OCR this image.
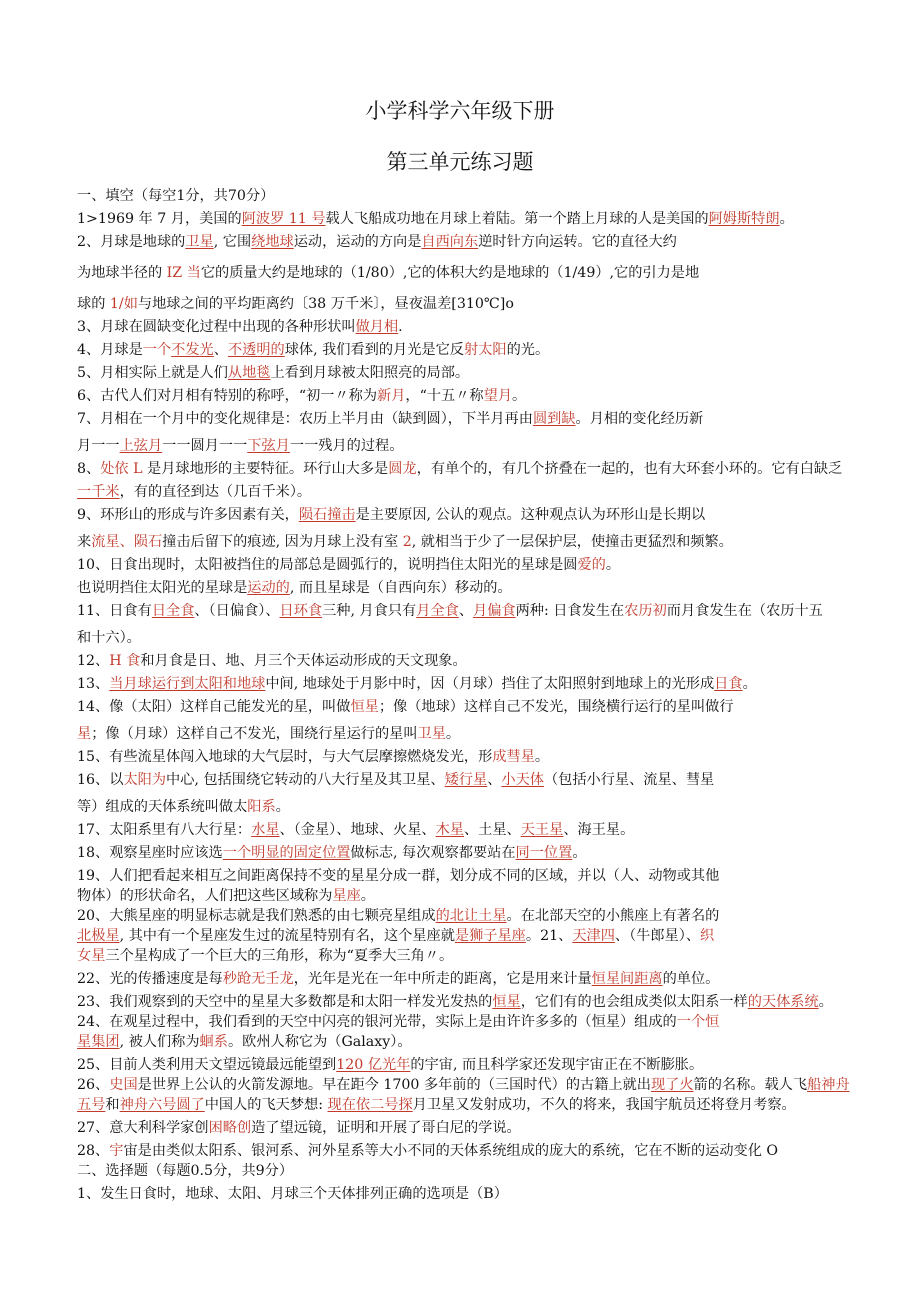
小学科学六年级下册
第三单元练习题

一、填空（每空1分，共70分）

1>1969 年 7 月，美国的阿波罗 11 号载人飞船成功地在月球上着陆。第一个踏上月球的人是美国的阿姆斯特朗。

2、月球是地球的卫星, 它围绕地球运动，运动的方向是自西向东逆时针方向运转。它的直径大约

为地球半径的 IZ 当它的质量大约是地球的（1/80）,它的体积大约是地球的（1/49）,它的引力是地

球的 1/如与地球之间的平均距离约〔38 万千米〕，昼夜温差[310℃]o

3、月球在圆缺变化过程中出现的各种形状叫做月相.

4、月球是一个不发光、不透明的球体, 我们看到的月光是它反射太阳的光。

5、月相实际上就是人们从地毯上看到月球被太阳照亮的局部。

6、古代人们对月相有特别的称呼，“初一〃称为新月，“十五〃称望月。

7、月相在一个月中的变化规律是：农历上半月由（缺到圆），下半月再由圆到缺。月相的变化经历新

月一一上弦月一一圆月一一下弦月一一残月的过程。

8、处依 L 是月球地形的主要特征。环行山大多是圆龙，有单个的，有几个挤叠在一起的，也有大环套小环的。它有白缺乏

一千米，有的直径到达（几百千米）。

9、环形山的形成与许多因素有关，陨石撞击是主要原因, 公认的观点。这种观点认为环形山是长期以

来流星、陨石撞击后留下的痕迹, 因为月球上没有室 2, 就相当于少了一层保护层，使撞击更猛烈和频繁。

10、日食出现时，太阳被挡住的局部总是圆弧行的，说明挡住太阳光的星球是圆爱的。

也说明挡住太阳光的星球是运动的, 而且星球是（自西向东）移动的。

11、日食有日全食、（日偏食）、日环食三种, 月食只有月全食、月偏食两种: 日食发生在农历初而月食发生在（农历十五

和十六）。

12、H 食和月食是日、地、月三个天体运动形成的天文现象。

13、当月球运行到太阳和地球中间, 地球处于月影中时，因（月球）挡住了太阳照射到地球上的光形成日食。

14、像（太阳）这样自己能发光的星，叫做恒星；像（地球）这样自己不发光，围绕横行运行的星叫做行

星；像（月球）这样自己不发光，围绕行星运行的星叫卫星。

15、有些流星体闯入地球的大气层时，与大气层摩擦燃烧发光，形成彗星。

16、以太阳为中心, 包括围绕它转动的八大行星及其卫星、矮行星、小天体（包括小行星、流星、彗星

等）组成的天体系统叫做太阳系。

17、太阳系里有八大行星：水星、（金星）、地球、火星、木星、土星、天王星、海王星。

18、观察星座时应该选一个明显的固定位置做标志, 每次观察都要站在同一位置。

19、人们把看起来相互之间距离保持不变的星星分成一群，划分成不同的区域，并以（人、动物或其他

物体）的形状命名，人们把这些区域称为星座。

20、大熊星座的明显标志就是我们熟悉的由七颗亮星组成的北让土星。在北部天空的小熊座上有著名的

北极星, 其中有一个星座发生过的流星特别有名，这个星座就是狮子星座。21、天津四、（牛郎星）、织

女星三个星构成了一个巨大的三角形，称为“夏季大三角〃。

22、光的传播速度是每秒跄无壬龙，光年是光在一年中所走的距离，它是用来计量恒星间距离的单位。

23、我们观察到的天空中的星星大多数都是和太阳一样发光发热的恒星，它们有的也会组成类似太阳系一样的天体系统。

24、在观星过程中，我们看到的天空中闪亮的银河光带，实际上是由许许多多的（恒星）组成的一个恒

星集团, 被人们称为蛔系。欧州人称它为（Galaxy）。

25、目前人类利用天文望远镜最远能望到120 亿光年的宇宙, 而且科学家还发现宇宙正在不断膨胀。

26、史国是世界上公认的火箭发源地。早在距今 1700 多年前的（三国时代）的古籍上就出现了火箭的名称。载人飞船神舟

五号和神舟六号圆了中国人的飞天梦想: 现在依二号探月卫星又发射成功，不久的将来，我国宇航员还将登月考察。

27、意大利科学家创困略创造了望远镜，证明和开展了哥白尼的学说。

28、宇宙是由类似太阳系、银河系、河外星系等大小不同的天体系统组成的庞大的系统，它在不断的运动变化 O

二、选择题（每题0.5分，共9分）

1、发生日食时，地球、太阳、月球三个天体排列正确的选项是（B）
